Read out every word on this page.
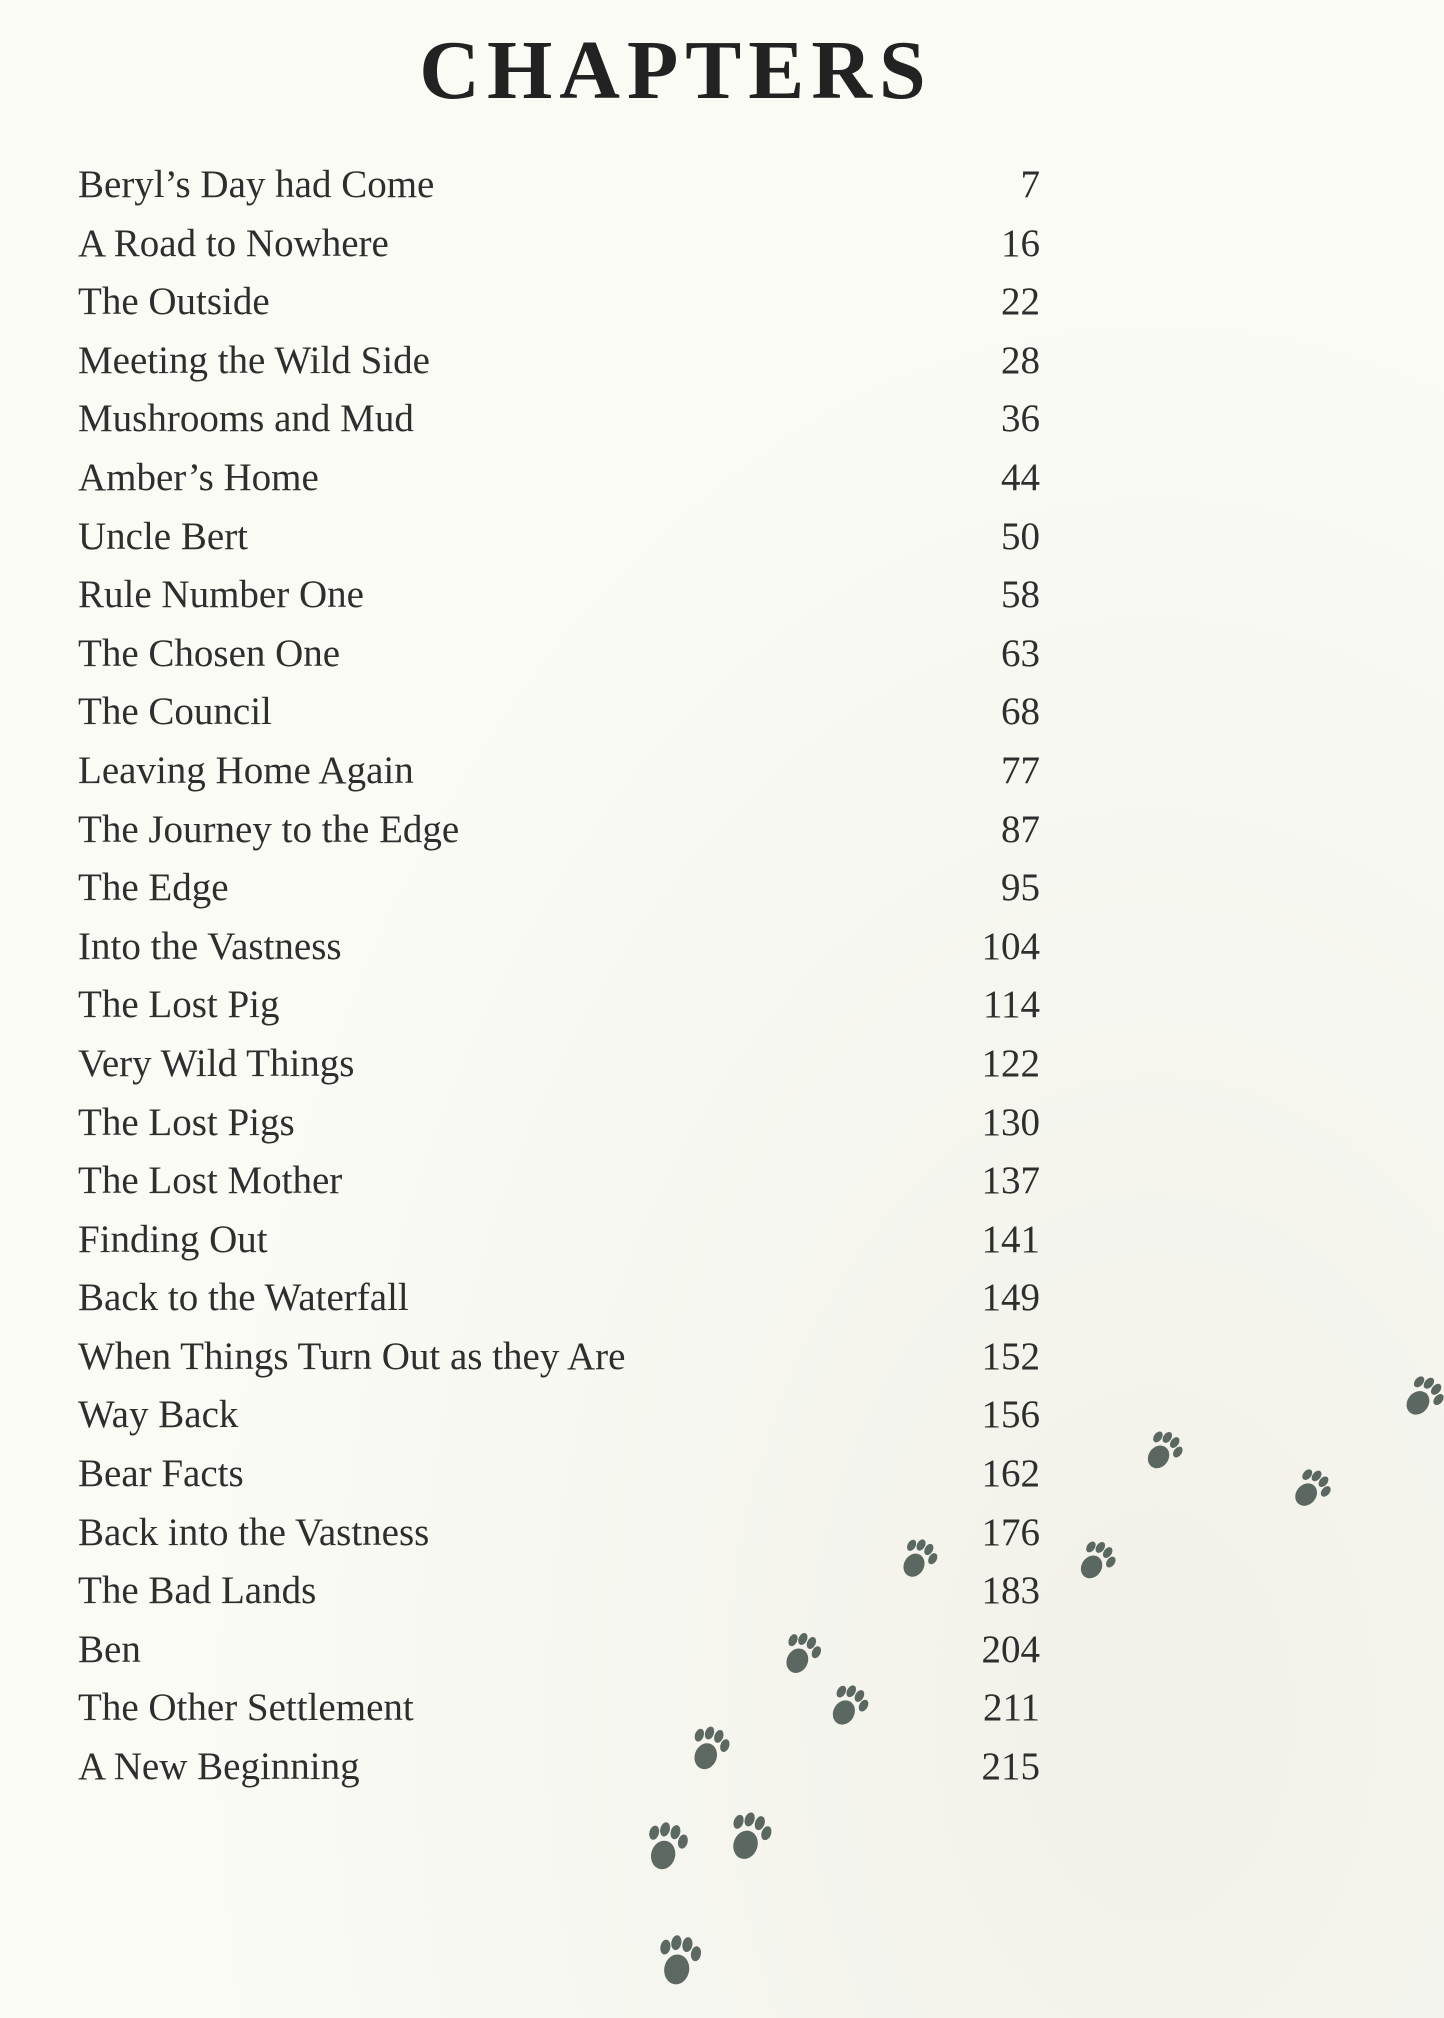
CHAPTERS
Beryl’s Day had Come	7
A Road to Nowhere	16
The Outside	22
Meeting the Wild Side	28
Mushrooms and Mud	36
Amber’s Home	44
Uncle Bert	50
Rule Number One	58
The Chosen One	63
The Council	68
Leaving Home Again	77
The Journey to the Edge	87
The Edge	95
Into the Vastness	104
The Lost Pig	114
Very Wild Things	122
The Lost Pigs	130
The Lost Mother	137
Finding Out	141
Back to the Waterfall	149
When Things Turn Out as they Are	152
Way Back	156
Bear Facts	162
Back into the Vastness	176
The Bad Lands	183
Ben	204
The Other Settlement	211
A New Beginning	215
